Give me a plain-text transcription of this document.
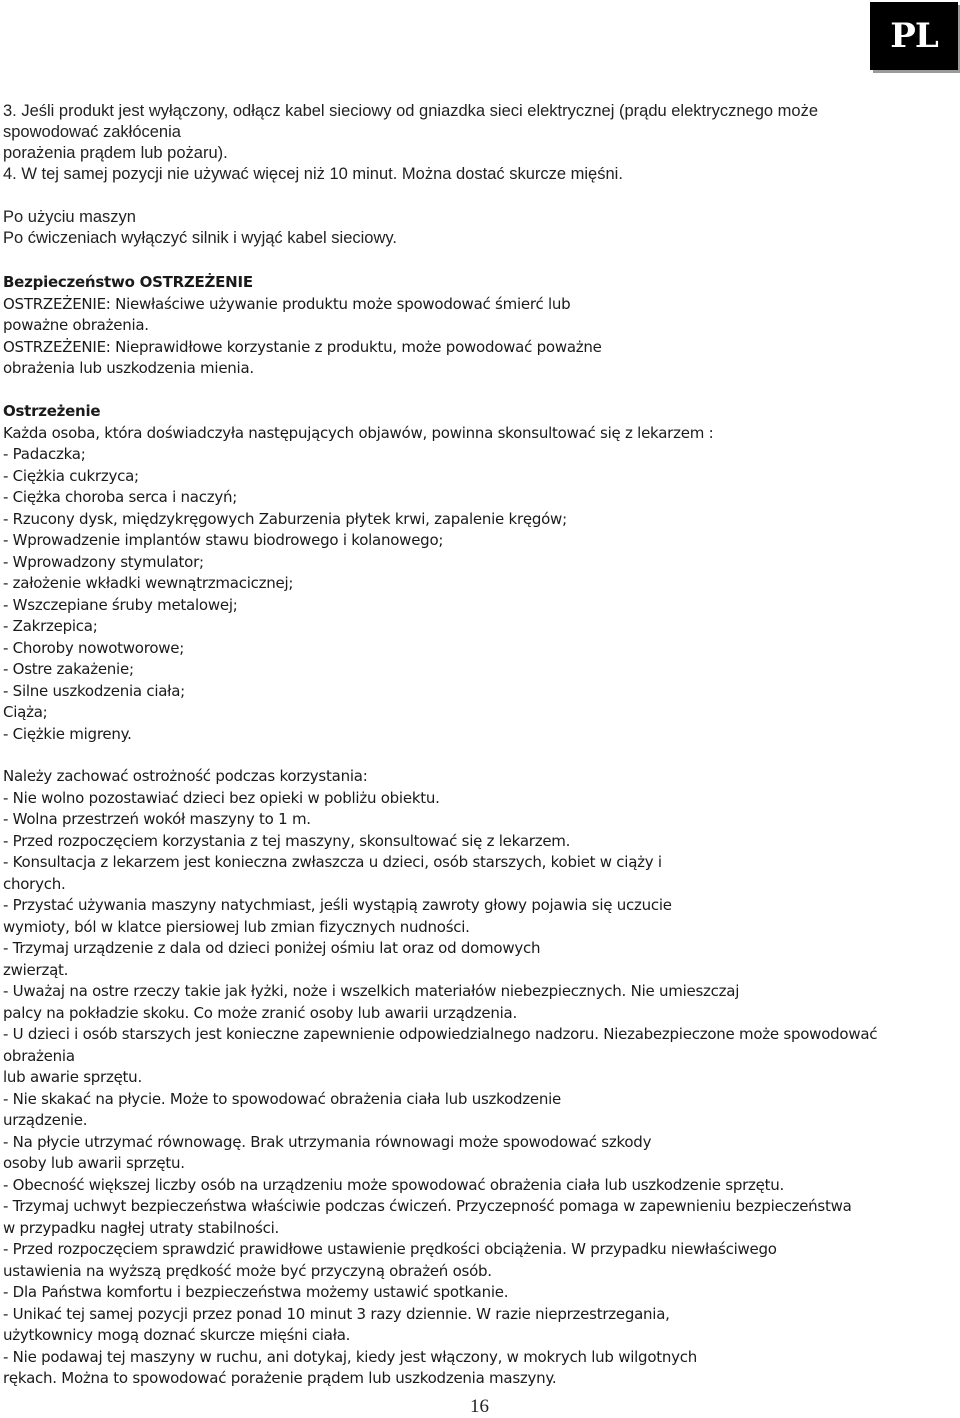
PL
3. Jeśli produkt jest wyłączony, odłącz kabel sieciowy od gniazdka sieci elektrycznej (prądu elektrycznego może
spowodować zakłócenia
porażenia prądem lub pożaru).
4. W tej samej pozycji nie używać więcej niż 10 minut. Można dostać skurcze mięśni.
Po użyciu maszyn
Po ćwiczeniach wyłączyć silnik i wyjąć kabel sieciowy.
Bezpieczeństwo OSTRZEŻENIE
OSTRZEŻENIE: Niewłaściwe używanie produktu może spowodować śmierć lub
poważne obrażenia.
OSTRZEŻENIE: Nieprawidłowe korzystanie z produktu, może powodować poważne
obrażenia lub uszkodzenia mienia.
Ostrzeżenie
Każda osoba, która doświadczyła następujących objawów, powinna skonsultować się z lekarzem :
- Padaczka;
- Ciężkia cukrzyca;
- Ciężka choroba serca i naczyń;
- Rzucony dysk, międzykręgowych Zaburzenia płytek krwi, zapalenie kręgów;
- Wprowadzenie implantów stawu biodrowego i kolanowego;
- Wprowadzony stymulator;
- założenie wkładki wewnątrzmacicznej;
- Wszczepiane śruby metalowej;
- Zakrzepica;
- Choroby nowotworowe;
- Ostre zakażenie;
- Silne uszkodzenia ciała;
Ciąża;
- Ciężkie migreny.
Należy zachować ostrożność podczas korzystania:
- Nie wolno pozostawiać dzieci bez opieki w pobliżu obiektu.
- Wolna przestrzeń wokół maszyny to 1 m.
- Przed rozpoczęciem korzystania z tej maszyny, skonsultować się z lekarzem.
- Konsultacja z lekarzem jest konieczna zwłaszcza u dzieci, osób starszych, kobiet w ciąży i
chorych.
- Przystać używania maszyny natychmiast, jeśli wystąpią zawroty głowy pojawia się uczucie
wymioty, ból w klatce piersiowej lub zmian fizycznych nudności.
- Trzymaj urządzenie z dala od dzieci poniżej ośmiu lat oraz od domowych
zwierząt.
- Uważaj na ostre rzeczy takie jak łyżki, noże i wszelkich materiałów niebezpiecznych. Nie umieszczaj
palcy na pokładzie skoku. Co może zranić osoby lub awarii urządzenia.
- U dzieci i osób starszych jest konieczne zapewnienie odpowiedzialnego nadzoru. Niezabezpieczone może spowodować
obrażenia
lub awarie sprzętu.
- Nie skakać na płycie. Może to spowodować obrażenia ciała lub uszkodzenie
urządzenie.
- Na płycie utrzymać równowagę. Brak utrzymania równowagi może spowodować szkody
osoby lub awarii sprzętu.
- Obecność większej liczby osób na urządzeniu może spowodować obrażenia ciała lub uszkodzenie sprzętu.
- Trzymaj uchwyt bezpieczeństwa właściwie podczas ćwiczeń. Przyczepność pomaga w zapewnieniu bezpieczeństwa
w przypadku nagłej utraty stabilności.
- Przed rozpoczęciem sprawdzić prawidłowe ustawienie prędkości obciążenia. W przypadku niewłaściwego
ustawienia na wyższą prędkość może być przyczyną obrażeń osób.
- Dla Państwa komfortu i bezpieczeństwa możemy ustawić spotkanie.
- Unikać tej samej pozycji przez ponad 10 minut 3 razy dziennie. W razie nieprzestrzegania,
użytkownicy mogą doznać skurcze mięśni ciała.
- Nie podawaj tej maszyny w ruchu, ani dotykaj, kiedy jest włączony, w mokrych lub wilgotnych
rękach. Można to spowodować porażenie prądem lub uszkodzenia maszyny.
16
